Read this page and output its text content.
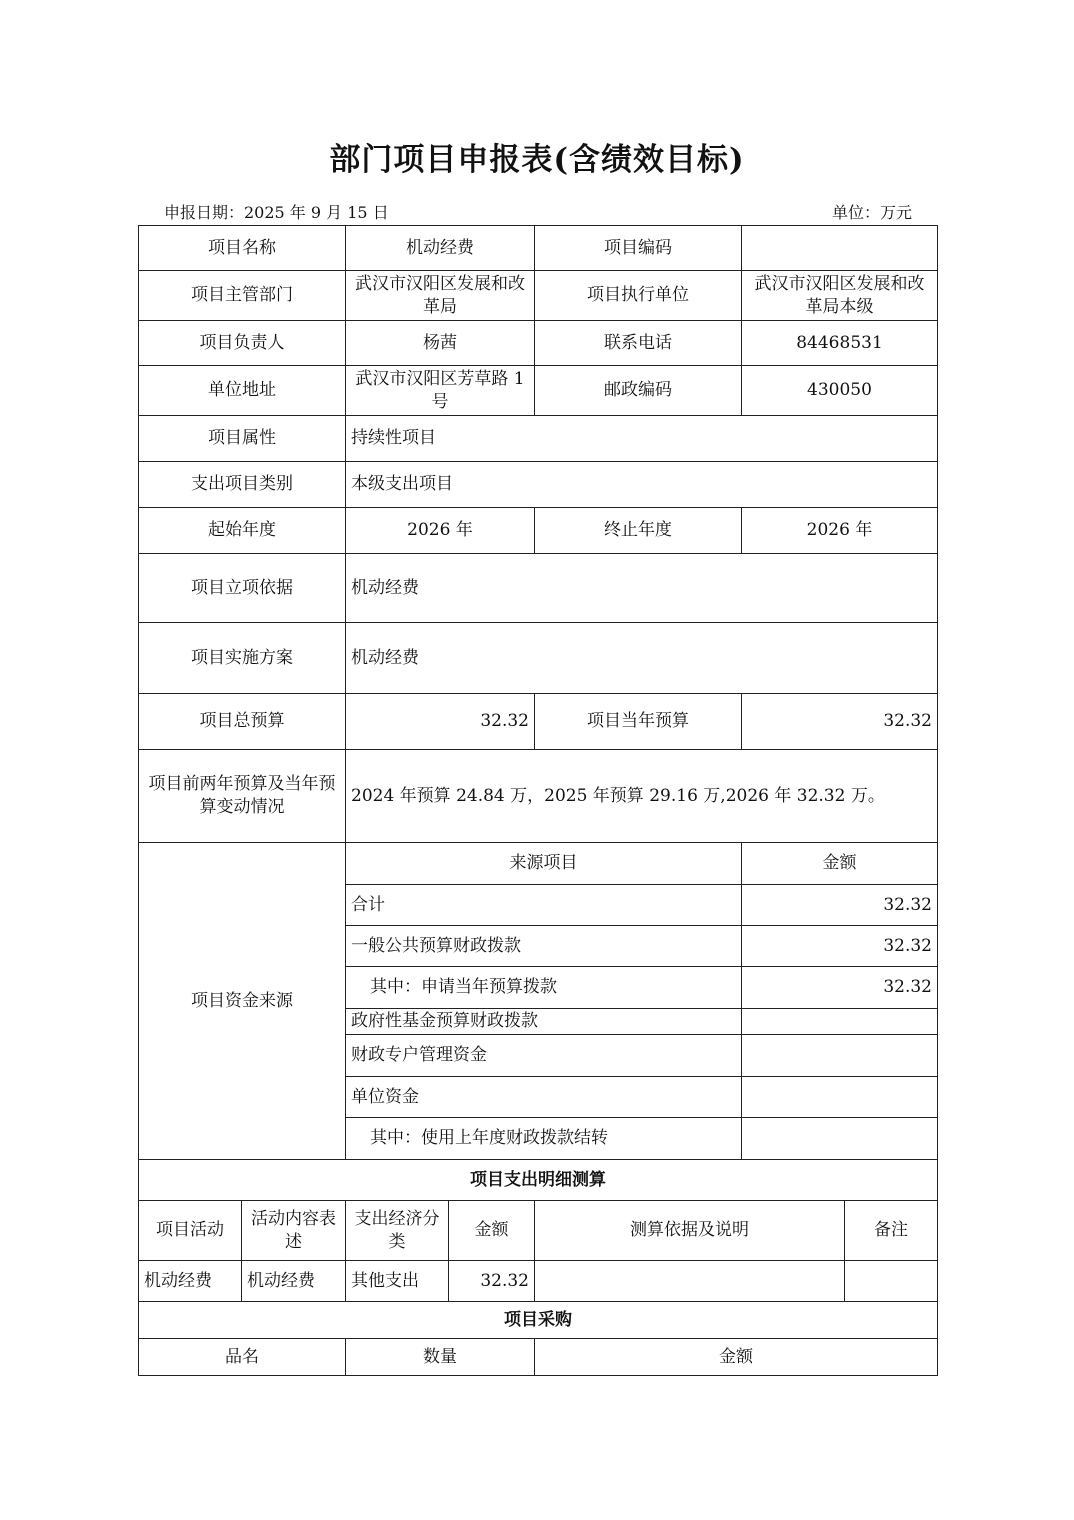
部门项目申报表(含绩效目标)
申报日期：2025 年 9 月 15 日	单位：万元
项目名称		机动经费		项目编码		
项目主管部门		武汉市汉阳区发展和改革局		项目执行单位	武汉市汉阳区发展和改革局本级	
项目负责人		杨茜		联系电话	84468531	
单位地址		武汉市汉阳区芳草路 1 号		邮政编码	430050	
项目属性		持续性项目				
支出项目类别		本级支出项目				
起始年度		2026 年		终止年度	2026 年	
项目立项依据		机动经费				
项目实施方案		机动经费				
项目总预算		32.32		项目当年预算	32.32	
项目前两年预算及当年预算变动情况		2024 年预算 24.84 万，2025 年预算 29.16 万,2026 年 32.32 万。				
项目资金来源		来源项目			金额	
		合计			32.32	
		一般公共预算财政拨款			32.32	
		其中：申请当年预算拨款			32.32	
		政府性基金预算财政拨款				
		财政专户管理资金				
		单位资金				
		其中：使用上年度财政拨款结转				
项目支出明细测算						
项目活动	活动内容表述	支出经济分类	金额	测算依据及说明		备注
机动经费	机动经费	其他支出	32.32			
项目采购						
品名		数量		金额		
